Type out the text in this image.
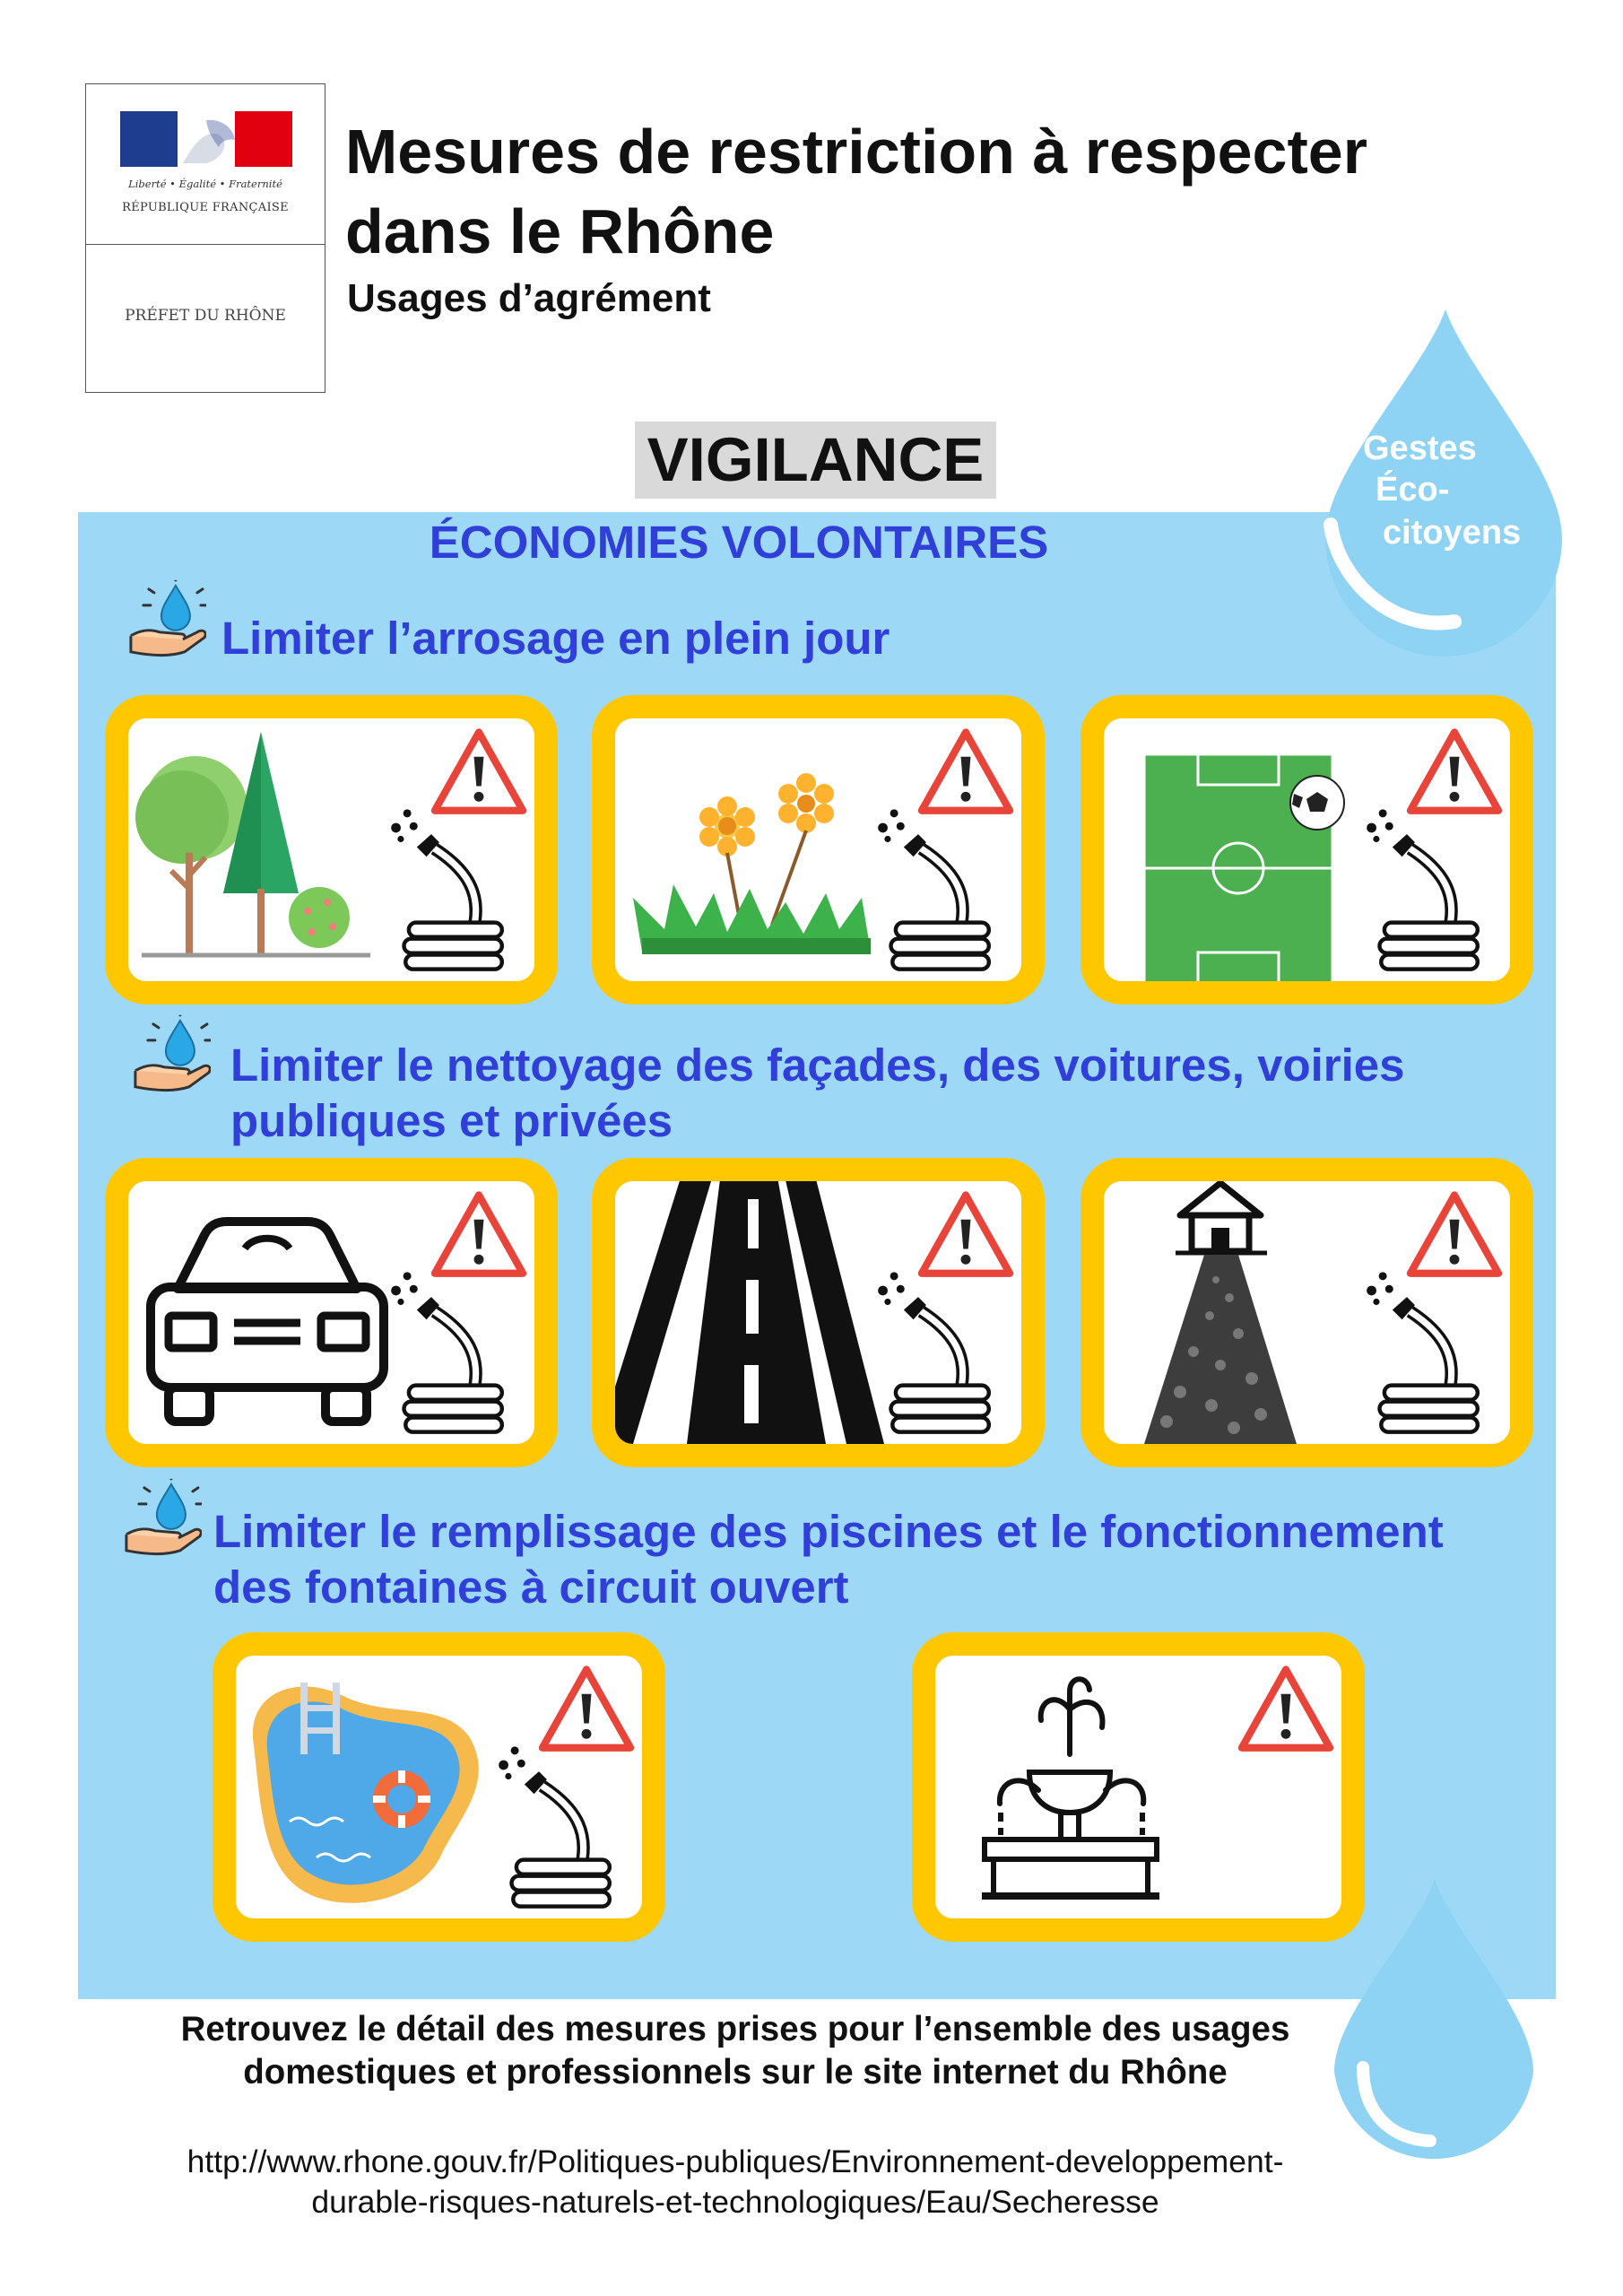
Liberté • Égalité • Fraternité
RÉPUBLIQUE FRANÇAISE
PRÉFET DU RHÔNE
Mesures de restriction à respecter
dans le Rhône
Usages d’agrément
VIGILANCE
ÉCONOMIES VOLONTAIRES
Gestes
Éco-
citoyens
Limiter l’arrosage en plein jour
Limiter le nettoyage des façades, des voitures, voiries
publiques et privées
Limiter le remplissage des piscines et le fonctionnement
des fontaines à circuit ouvert
Retrouvez le détail des mesures prises pour l’ensemble des usages
domestiques et professionnels sur le site internet du Rhône
http://www.rhone.gouv.fr/Politiques-publiques/Environnement-developpement-
durable-risques-naturels-et-technologiques/Eau/Secheresse
